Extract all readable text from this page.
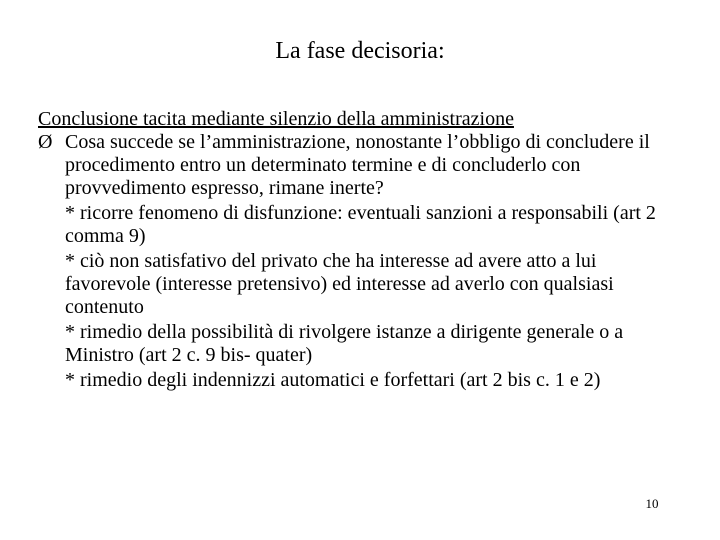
La fase decisoria:
Conclusione tacita mediante silenzio della amministrazione
Ø Cosa succede se l’amministrazione, nonostante l’obbligo di concludere il procedimento entro un determinato termine e di concluderlo con provvedimento espresso, rimane inerte?
* ricorre fenomeno di disfunzione: eventuali sanzioni a responsabili (art 2 comma 9)
* ciò non satisfativo del privato che ha interesse ad avere atto a lui favorevole (interesse pretensivo) ed interesse ad averlo con qualsiasi contenuto
* rimedio della possibilità di rivolgere istanze a dirigente generale o a Ministro (art 2 c. 9 bis- quater)
* rimedio degli indennizzi automatici e forfettari (art 2 bis c. 1 e 2)
10
